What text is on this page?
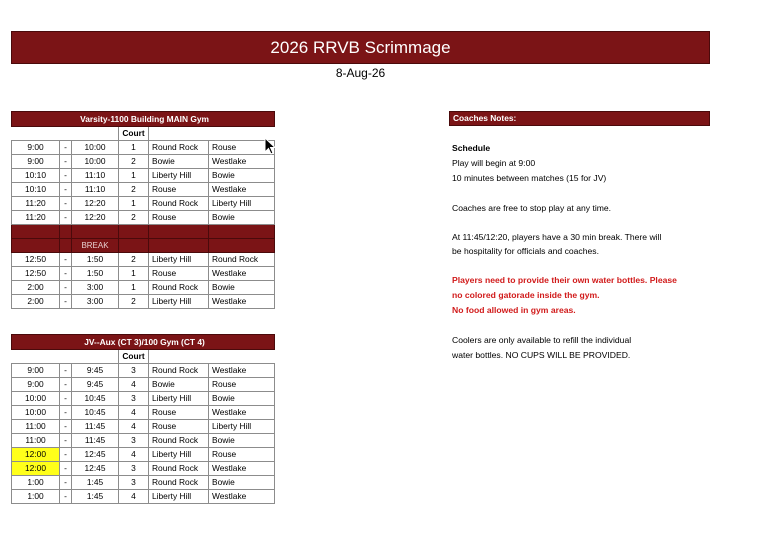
2026 RRVB Scrimmage
8-Aug-26
Varsity-1100 Building MAIN Gym					
			Court		
9:00	-	10:00	1	Round Rock	Rouse
9:00	-	10:00	2	Bowie	Westlake
10:10	-	11:10	1	Liberty Hill	Bowie
10:10	-	11:10	2	Rouse	Westlake
11:20	-	12:20	1	Round Rock	Liberty Hill
11:20	-	12:20	2	Rouse	Bowie

		BREAK			
12:50	-	1:50	2	Liberty Hill	Round Rock
12:50	-	1:50	1	Rouse	Westlake
2:00	-	3:00	1	Round Rock	Bowie
2:00	-	3:00	2	Liberty Hill	Westlake
JV--Aux (CT 3)/100 Gym (CT 4)					
			Court		
9:00	-	9:45	3	Round Rock	Westlake
9:00	-	9:45	4	Bowie	Rouse
10:00	-	10:45	3	Liberty Hill	Bowie
10:00	-	10:45	4	Rouse	Westlake
11:00	-	11:45	4	Rouse	Liberty Hill
11:00	-	11:45	3	Round Rock	Bowie
12:00	-	12:45	4	Liberty Hill	Rouse
12:00	-	12:45	3	Round Rock	Westlake
1:00	-	1:45	3	Round Rock	Bowie
1:00	-	1:45	4	Liberty Hill	Westlake
Coaches Notes:
Schedule
Play will begin at 9:00
10 minutes between matches (15 for JV)
Coaches are free to stop play at any time.
At 11:45/12:20, players have a 30 min break. There will
be hospitality for officials and coaches.
Players need to provide their own water bottles. Please
no colored gatorade inside the gym.
No food allowed in gym areas.
Coolers are only available to refill the individual
water bottles. NO CUPS WILL BE PROVIDED.
